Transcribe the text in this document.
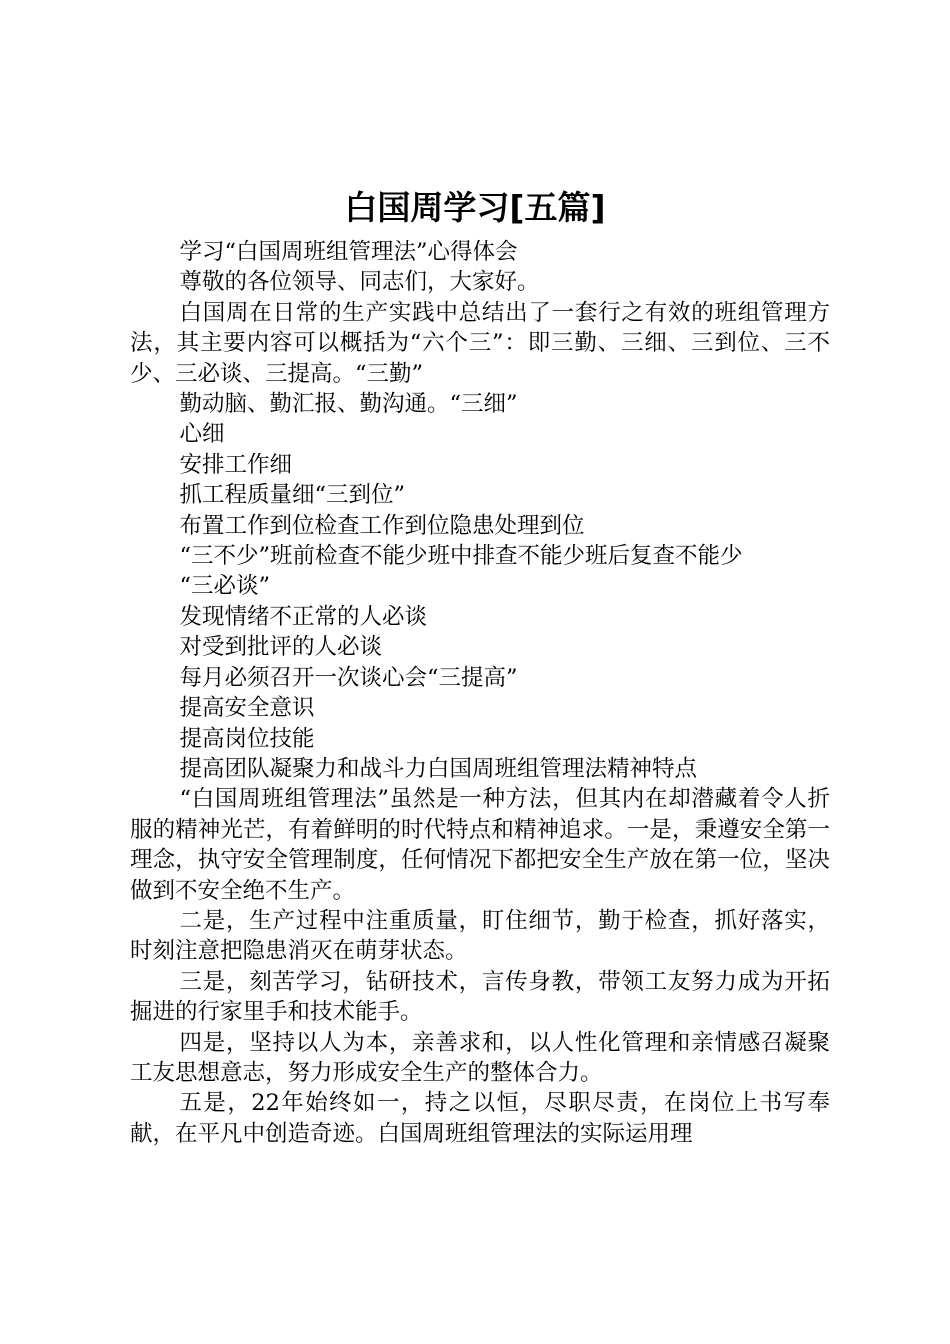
白国周学习[五篇]

学习“白国周班组管理法”心得体会

尊敬的各位领导、同志们，大家好。

白国周在日常的生产实践中总结出了一套行之有效的班组管理方法，其主要内容可以概括为“六个三”：即三勤、三细、三到位、三不少、三必谈、三提高。“三勤”

勤动脑、勤汇报、勤沟通。“三细”

心细

安排工作细

抓工程质量细“三到位”

布置工作到位检查工作到位隐患处理到位

“三不少”班前检查不能少班中排查不能少班后复查不能少

“三必谈”

发现情绪不正常的人必谈

对受到批评的人必谈

每月必须召开一次谈心会“三提高”

提高安全意识

提高岗位技能

提高团队凝聚力和战斗力白国周班组管理法精神特点

“白国周班组管理法”虽然是一种方法，但其内在却潜藏着令人折服的精神光芒，有着鲜明的时代特点和精神追求。一是，秉遵安全第一理念，执守安全管理制度，任何情况下都把安全生产放在第一位，坚决做到不安全绝不生产。

二是，生产过程中注重质量，盯住细节，勤于检查，抓好落实，时刻注意把隐患消灭在萌芽状态。

三是，刻苦学习，钻研技术，言传身教，带领工友努力成为开拓掘进的行家里手和技术能手。

四是，坚持以人为本，亲善求和，以人性化管理和亲情感召凝聚工友思想意志，努力形成安全生产的整体合力。

五是，22年始终如一，持之以恒，尽职尽责，在岗位上书写奉献，在平凡中创造奇迹。白国周班组管理法的实际运用理
